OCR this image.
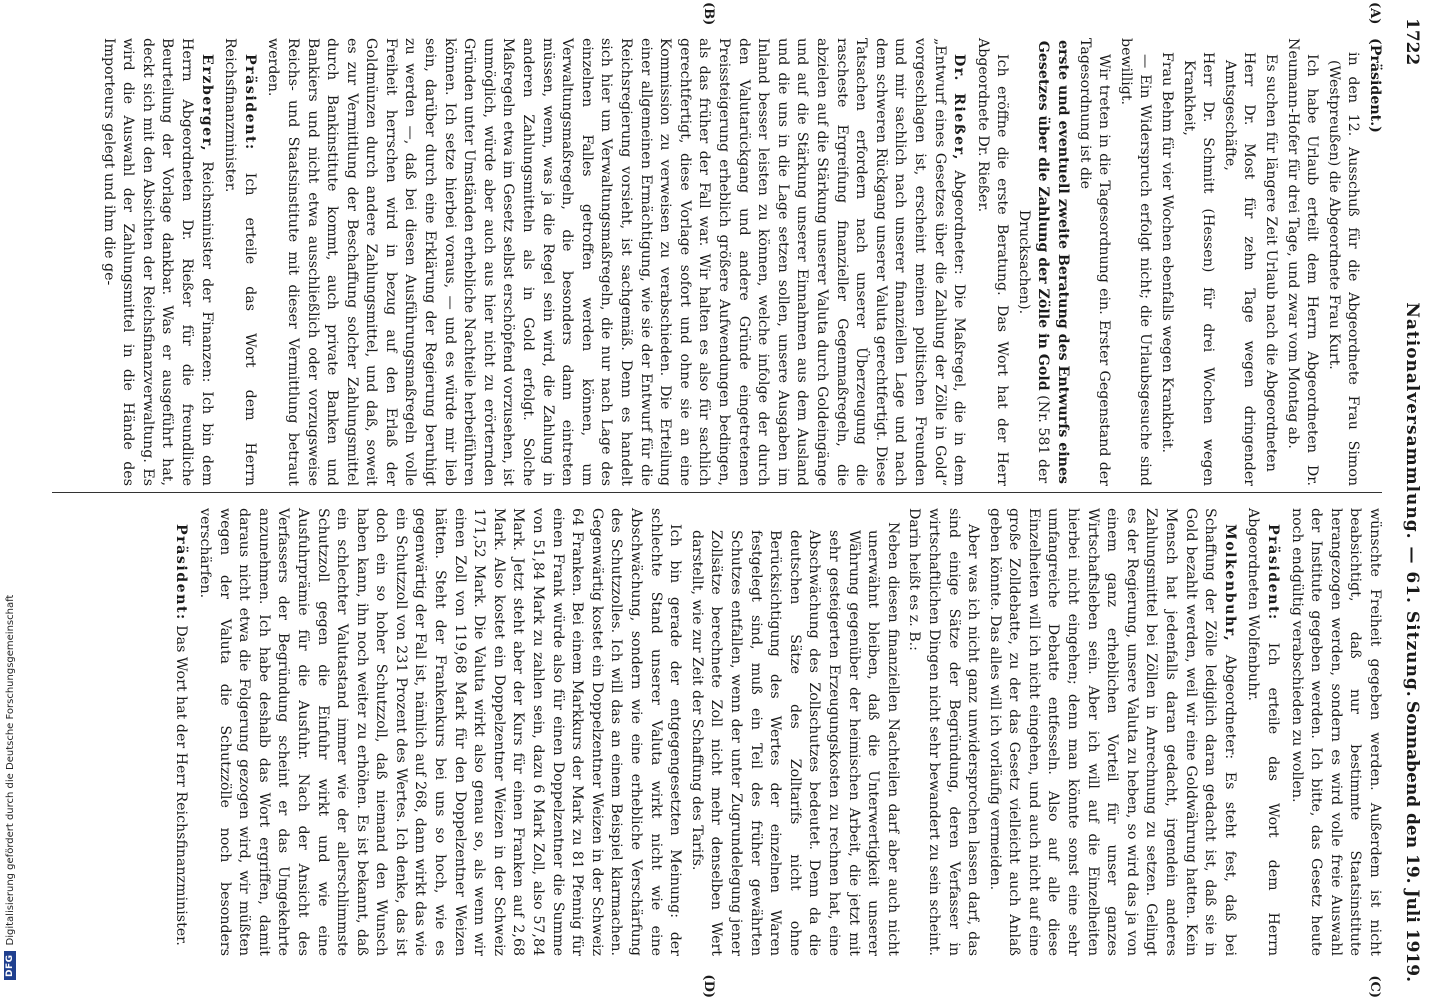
DFG
Digitalisierung gefördert durch die Deutsche Forschungsgemeinschaft
1722
Nationalversammlung. — 61. Sitzung.
Sonnabend den 19. Juli 1919.
(A)
(B)
(C)
(D)

(Präsident.)

in den 12. Ausschuß für die Abgeordnete Frau Simon (Westpreußen) die Abgeordnete Frau Kurt.

Ich habe Urlaub erteilt dem Herrn Abgeordneten Dr. Neumann-Hofer für drei Tage, und zwar vom Montag ab.

Es suchen für längere Zeit Urlaub nach die Abgeordneten

Herr Dr. Most für zehn Tage wegen dringender Amtsgeschäfte,

Herr Dr. Schmitt (Hessen) für drei Wochen wegen Krankheit,

Frau Behm für vier Wochen ebenfalls wegen Krankheit.

— Ein Widerspruch erfolgt nicht; die Urlaubsgesuche sind bewilligt.

Wir treten in die Tagesordnung ein. Erster Gegenstand der Tagesordnung ist die

erste und eventuell zweite Beratung des Entwurfs eines Gesetzes über die Zahlung der Zölle in Gold (Nr. 581 der Drucksachen).

Ich eröffne die erste Beratung. Das Wort hat der Herr Abgeordnete Dr. Rießer.

Dr. Rießer, Abgeordneter: Die Maßregel, die in dem „Entwurf eines Gesetzes über die Zahlung der Zölle in Gold“ vorgeschlagen ist, erscheint meinen politischen Freunden und mir sachlich nach unserer finanziellen Lage und nach dem schweren Rückgang unserer Valuta gerechtfertigt. Diese Tatsachen erfordern nach unserer Überzeugung die rascheste Ergreifung finanzieller Gegenmaßregeln, die abzielen auf die Stärkung unserer Valuta durch Goldeingänge und auf die Stärkung unserer Einnahmen aus dem Ausland und die uns in die Lage setzen sollen, unsere Ausgaben im Inland besser leisten zu können, welche infolge der durch den Valutarückgang und andere Gründe eingetretenen Preissteigerung erheblich größere Aufwendungen bedingen, als das früher der Fall war. Wir halten es also für sachlich gerechtfertigt, diese Vorlage sofort und ohne sie an eine Kommission zu verweisen zu verabschieden. Die Erteilung einer allgemeinen Ermächtigung, wie sie der Entwurf für die Reichsregierung vorsieht, ist sachgemäß. Denn es handelt sich hier um Verwaltungsmaßregeln, die nur nach Lage des einzelnen Falles getroffen werden können, um Verwaltungsmaßregeln, die besonders dann eintreten müssen, wenn, was ja die Regel sein wird, die Zahlung in anderen Zahlungsmitteln als in Gold erfolgt. Solche Maßregeln etwa im Gesetz selbst erschöpfend vorzusehen, ist unmöglich, würde aber auch aus hier nicht zu erörternden Gründen unter Umständen erhebliche Nachteile herbeiführen können. Ich setze hierbei voraus, — und es würde mir lieb sein, darüber durch eine Erklärung der Regierung beruhigt zu werden —, daß bei diesen Ausführungsmaßregeln volle Freiheit herrschen wird in bezug auf den Erlaß der Goldmünzen durch andere Zahlungsmittel, und daß, soweit es zur Vermittlung der Beschaffung solcher Zahlungsmittel durch Bankinstitute kommt, auch private Banken und Bankiers und nicht etwa ausschließlich oder vorzugsweise Reichs- und Staatsinstitute mit dieser Vermittlung betraut werden.

Präsident: Ich erteile das Wort dem Herrn Reichsfinanzminister.

Erzberger, Reichsminister der Finanzen: Ich bin dem Herrn Abgeordneten Dr. Rießer für die freundliche Beurteilung der Vorlage dankbar. Was er ausgeführt hat, deckt sich mit den Absichten der Reichsfinanzverwaltung. Es wird die Auswahl der Zahlungsmittel in die Hände des Importeurs gelegt und ihm die ge-

wünschte Freiheit gegeben werden. Außerdem ist nicht beabsichtigt, daß nur bestimmte Staatsinstitute herangezogen werden, sondern es wird volle freie Auswahl der Institute gegeben werden. Ich bitte, das Gesetz heute noch endgültig verabschieden zu wollen.

Präsident: Ich erteile das Wort dem Herrn Abgeordneten Wolfenbuhr.

Molkenbuhr, Abgeordneter: Es steht fest, daß bei Schaffung der Zölle lediglich daran gedacht ist, daß sie in Gold bezahlt werden, weil wir eine Goldwährung hatten. Kein Mensch hat jedenfalls daran gedacht, irgendein anderes Zahlungsmittel bei Zöllen in Anrechnung zu setzen. Gelingt es der Regierung, unsere Valuta zu heben, so wird das ja von einem ganz erheblichen Vorteil für unser ganzes Wirtschaftsleben sein. Aber ich will auf die Einzelheiten hierbei nicht eingehen; denn man könnte sonst eine sehr umfangreiche Debatte entfesseln. Also auf alle diese Einzelheiten will ich nicht eingehen, und auch nicht auf eine große Zolldebatte, zu der das Gesetz vielleicht auch Anlaß geben könnte. Das alles will ich vorläufig vermeiden.

Aber was ich nicht ganz unwidersprochen lassen darf, das sind einige Sätze der Begründung, deren Verfasser in wirtschaftlichen Dingen nicht sehr bewandert zu sein scheint. Darin heißt es z. B.:

Neben diesen finanziellen Nachteilen darf aber auch nicht unerwähnt bleiben, daß die Unterwertigkeit unserer Währung gegenüber der heimischen Arbeit, die jetzt mit sehr gesteigerten Erzeugungskosten zu rechnen hat, eine Abschwächung des Zollschutzes bedeutet. Denn da die deutschen Sätze des Zolltarifs nicht ohne Berücksichtigung des Wertes der einzelnen Waren festgelegt sind, muß ein Teil des früher gewährten Schutzes entfallen, wenn der unter Zugrundelegung jener Zollsätze berechnete Zoll nicht mehr denselben Wert darstellt, wie zur Zeit der Schaffung des Tarifs.

Ich bin gerade der entgegengesetzten Meinung: der schlechte Stand unserer Valuta wirkt nicht wie eine Abschwächung, sondern wie eine erhebliche Verschärfung des Schutzzolles. Ich will das an einem Beispiel klarmachen. Gegenwärtig kostet ein Doppelzentner Weizen in der Schweiz 64 Franken. Bei einem Markkurs der Mark zu 81 Pfennig für einen Frank würde also für einen Doppelzentner die Summe von 51,84 Mark zu zahlen sein, dazu 6 Mark Zoll, also 57,84 Mark. Jetzt steht aber der Kurs für einen Franken auf 2,68 Mark. Also kostet ein Doppelzentner Weizen in der Schweiz 171,52 Mark. Die Valuta wirkt also genau so, als wenn wir einen Zoll von 119,68 Mark für den Doppelzentner Weizen hätten. Steht der Frankenkurs bei uns so hoch, wie es gegenwärtig der Fall ist, nämlich auf 268, dann wirkt das wie ein Schutzzoll von 231 Prozent des Wertes. Ich denke, das ist doch ein so hoher Schutzzoll, daß niemand den Wunsch haben kann, ihn noch weiter zu erhöhen. Es ist bekannt, daß ein schlechter Valutastand immer wie der allerschlimmste Schutzzoll gegen die Einfuhr wirkt und wie eine Ausfuhrprämie für die Ausfuhr. Nach der Ansicht des Verfassers der Begründung scheint er das Umgekehrte anzunehmen. Ich habe deshalb das Wort ergriffen, damit daraus nicht etwa die Folgerung gezogen wird, wir müßten wegen der Valuta die Schutzzölle noch besonders verschärfen.

Präsident: Das Wort hat der Herr Reichsfinanzminister.
